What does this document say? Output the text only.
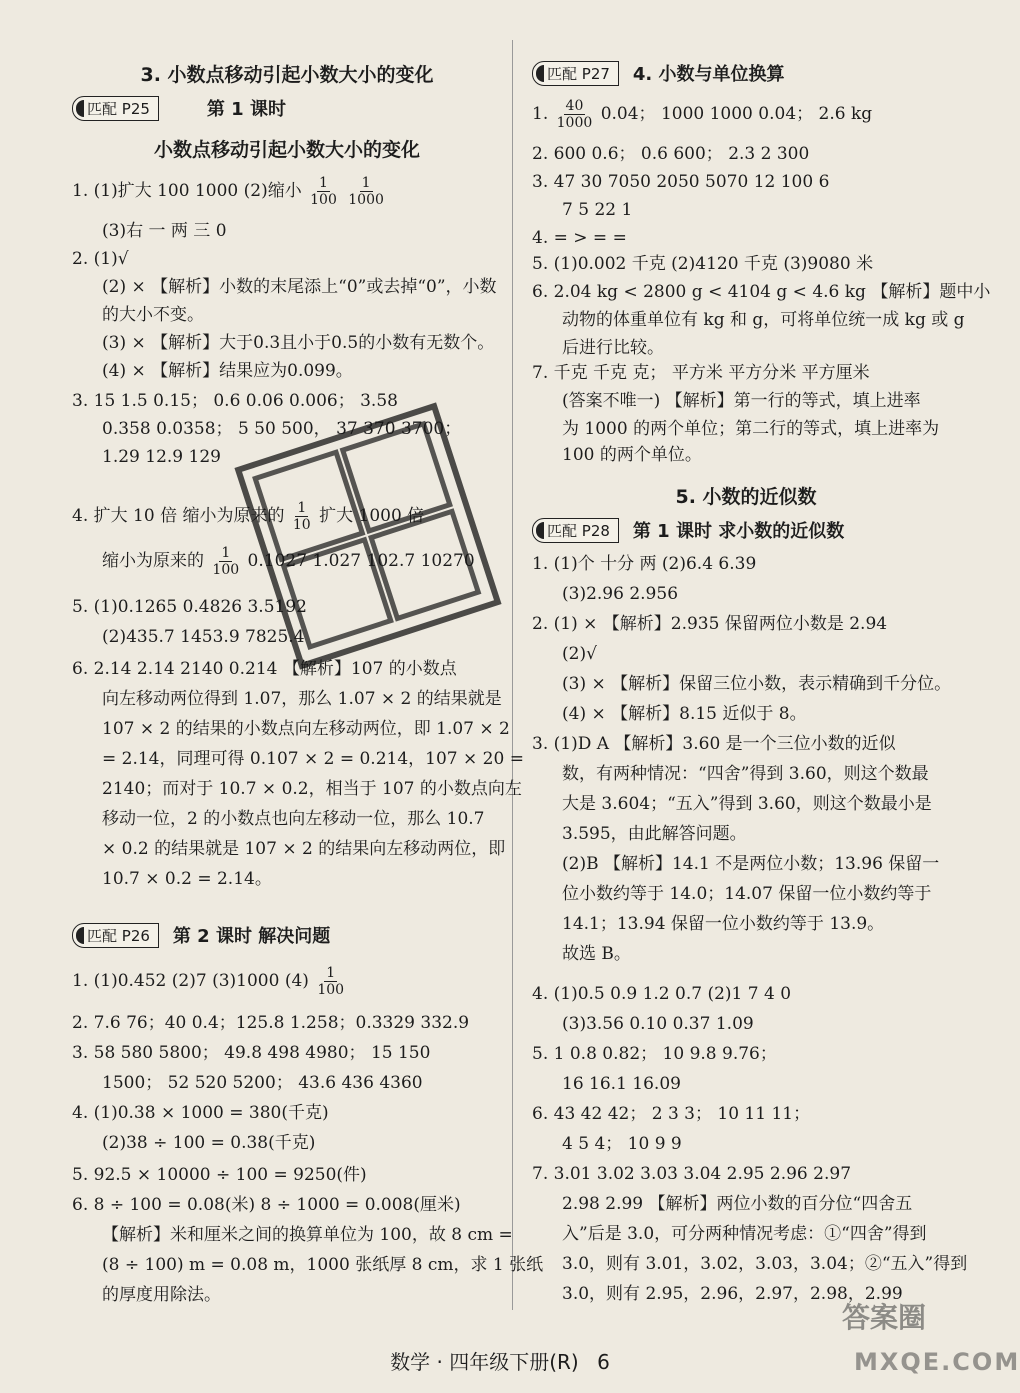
3. 小数点移动引起小数大小的变化
匹配 P25	第 1 课时
小数点移动引起小数大小的变化
1. (1)扩大 100 1000 (2)缩小 $\frac{1}{100}$
$\frac{1}{1000}$
(3)右 一 两 三 0
2. (1)√
(2) × 【解析】小数的末尾添上“0”或去掉“0”，小数
的大小不变。
(3) × 【解析】大于0.3且小于0.5的小数有无数个。
(4) × 【解析】结果应为0.099。
3. 15 1.5 0.15； 0.6 0.06 0.006； 3.58
0.358 0.0358； 5 50 500， 37 370 3700；
1.29 12.9 129
4. 扩大 10 倍 缩小为原来的 $\frac{1}{10}$ 扩大 1000 倍
缩小为原来的 $\frac{1}{100} 0.1027$ 1.027 102.7 10270
5. (1)0.1265 0.4826 3.5192
(2)435.7 1453.9 7825.4
6. 2.14 2.14 2140 0.214 【解析】107 的小数点
向左移动两位得到 1.07，那么 1.07 × 2 的结果就是
107 × 2 的结果的小数点向左移动两位，即 1.07 × 2
= 2.14，同理可得 0.107 × 2 = 0.214，107 × 20 =
2140；而对于 10.7 × 0.2，相当于 107 的小数点向左
移动一位，2 的小数点也向左移动一位，那么 10.7
× 0.2 的结果就是 107 × 2 的结果向左移动两位，即
10.7 × 0.2 = 2.14。
匹配 P26	第 2 课时 解决问题
1. (1)0.452 (2)7 (3)1000 $(4) \frac{1}{100}$
2. 7.6 76；40 0.4；125.8 1.258；0.3329 332.9
3. 58 580 5800； 49.8 498 4980； 15 150
1500； 52 520 5200； 43.6 436 4360
4. (1)0.38 × 1000 = 380(千克)
(2)38 ÷ 100 = 0.38(千克)
5. 92.5 × 10000 ÷ 100 = 9250(件)
6. 8 ÷ 100 = 0.08(米) 8 ÷ 1000 = 0.008(厘米)
【解析】米和厘米之间的换算单位为 100，故 8 cm =
(8 ÷ 100) m = 0.08 m，1000 张纸厚 8 cm，求 1 张纸
的厚度用除法。
匹配 P27	4. 小数与单位换算
1. $\frac{40}{1000} 0.04$； 1000 1000 0.04； 2.6 kg
2. 600 0.6； 0.6 600； 2.3 2 300
3. 47 30 7050 2050 5070 12 100 6
7 5 22 1
4. = > = =
5. (1)0.002 千克 (2)4120 千克 (3)9080 米
6. 2.04 kg < 2800 g < 4104 g < 4.6 kg 【解析】题中小
动物的体重单位有 kg 和 g，可将单位统一成 kg 或 g
后进行比较。
7. 千克 千克 克； 平方米 平方分米 平方厘米
(答案不唯一) 【解析】第一行的等式，填上进率
为 1000 的两个单位；第二行的等式，填上进率为
100 的两个单位。
5. 小数的近似数
匹配 P28	第 1 课时 求小数的近似数
1. (1)个 十分 两 (2)6.4 6.39
(3)2.96 2.956
2. (1) × 【解析】2.935 保留两位小数是 2.94
(2)√
(3) × 【解析】保留三位小数，表示精确到千分位。
(4) × 【解析】8.15 近似于 8。
3. (1)D A 【解析】3.60 是一个三位小数的近似
数，有两种情况：“四舍”得到 3.60，则这个数最
大是 3.604；“五入”得到 3.60，则这个数最小是
3.595，由此解答问题。
(2)B 【解析】14.1 不是两位小数；13.96 保留一
位小数约等于 14.0；14.07 保留一位小数约等于
14.1；13.94 保留一位小数约等于 13.9。
故选 B。
4. (1)0.5 0.9 1.2 0.7 (2)1 7 4 0
(3)3.56 0.10 0.37 1.09
5. 1 0.8 0.82； 10 9.8 9.76；
16 16.1 16.09
6. 43 42 42； 2 3 3； 10 11 11；
4 5 4； 10 9 9
7. 3.01 3.02 3.03 3.04 2.95 2.96 2.97
2.98 2.99 【解析】两位小数的百分位“四舍五
入”后是 3.0，可分两种情况考虑：①“四舍”得到
3.0，则有 3.01，3.02，3.03，3.04；②“五入”得到
3.0，则有 2.95，2.96，2.97，2.98，2.99
数学 · 四年级下册(R) 6
答案圈
MXQE.COM
